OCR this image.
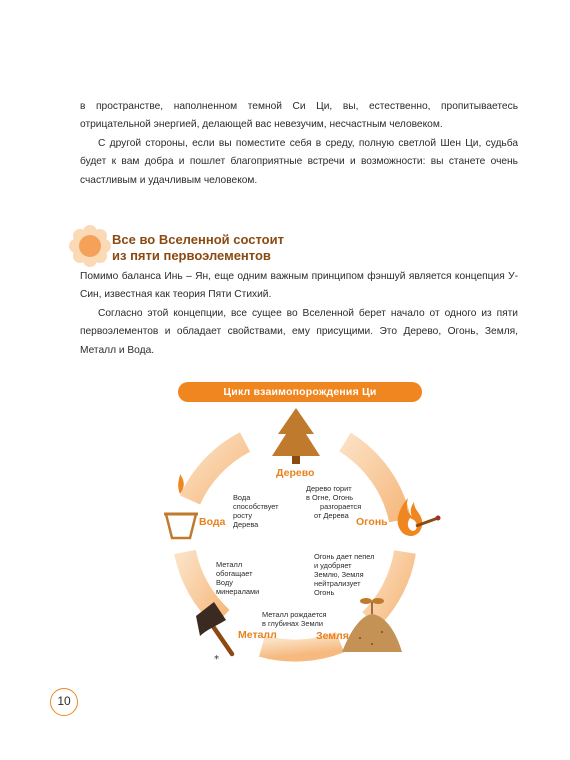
в пространстве, наполненном темной Си Ци, вы, естественно, пропитываетесь отрицательной энергией, делающей вас невезучим, несчастным человеком.

С другой стороны, если вы поместите себя в среду, полную светлой Шен Ци, судьба будет к вам добра и пошлет благоприятные встречи и возможности: вы станете очень счастливым и удачливым человеком.

Все во Вселенной состоит
из пяти первоэлементов

Помимо баланса Инь – Ян, еще одним важным принципом фэншуй является концепция У-Син, известная как теория Пяти Стихий.

Согласно этой концепции, все сущее во Вселенной берет начало от одного из пяти первоэлементов и обладает свойствами, ему присущими. Это Дерево, Огонь, Земля, Металл и Вода.

Цикл взаимопорождения Ци
*
Дерево
Огонь
Земля
Металл
Вода
Дерево горит
в Огне, Огонь
разгорается
от Дерева
Огонь дает пепел
и удобряет
Землю, Земля
нейтрализует
Огонь
Металл рождается
в глубинах Земли
Металл
обогащает
Воду
минералами
Вода
способствует
росту
Дерева
10
